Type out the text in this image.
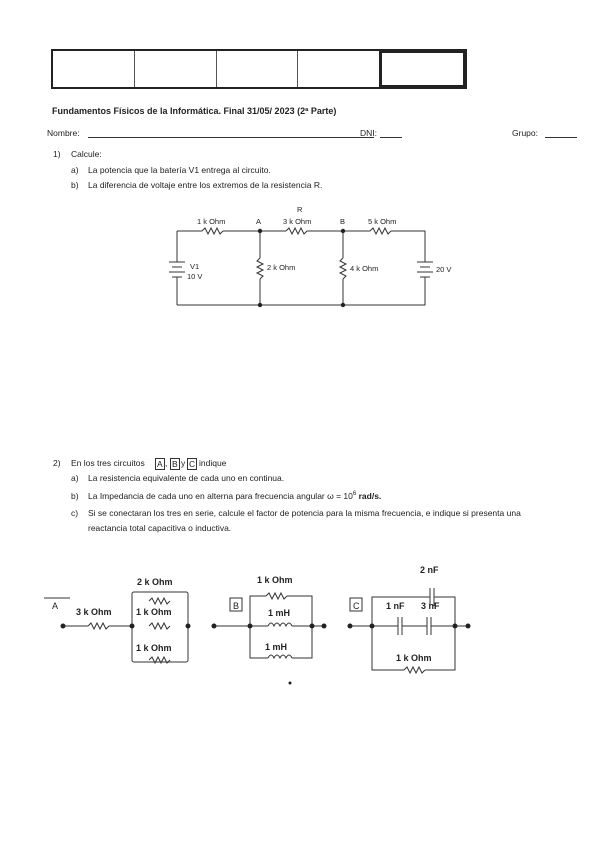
Fundamentos Físicos de la Informática. Final 31/05/ 2023 (2ª Parte)
Nombre:	DNI:	Grupo:
1) Calcule:
a) La potencia que la batería V1 entrega al circuito.
b) La diferencia de voltaje entre los extremos de la resistencia R.
1 k Ohm	A
R
3 k Ohm	B	5 k Ohm
V1
10 V
2 k Ohm	4 k Ohm	20 V
2) En los tres circuitos A , B y C indique
a) La resistencia equivalente de cada uno en continua.
b) La Impedancia de cada uno en alterna para frecuencia angular $\omega = 10^6$ rad/s.
c) Si se conectaran los tres en serie, calcule el factor de potencia para la misma frecuencia, e indique si presenta una
reactancia total capacitiva o inductiva.
A
3 k Ohm
2 k Ohm
1 k Ohm
1 k Ohm
B
1 k Ohm
1 mH
1 mH
C
2 nF
1 nF 3 nF
1 k Ohm
